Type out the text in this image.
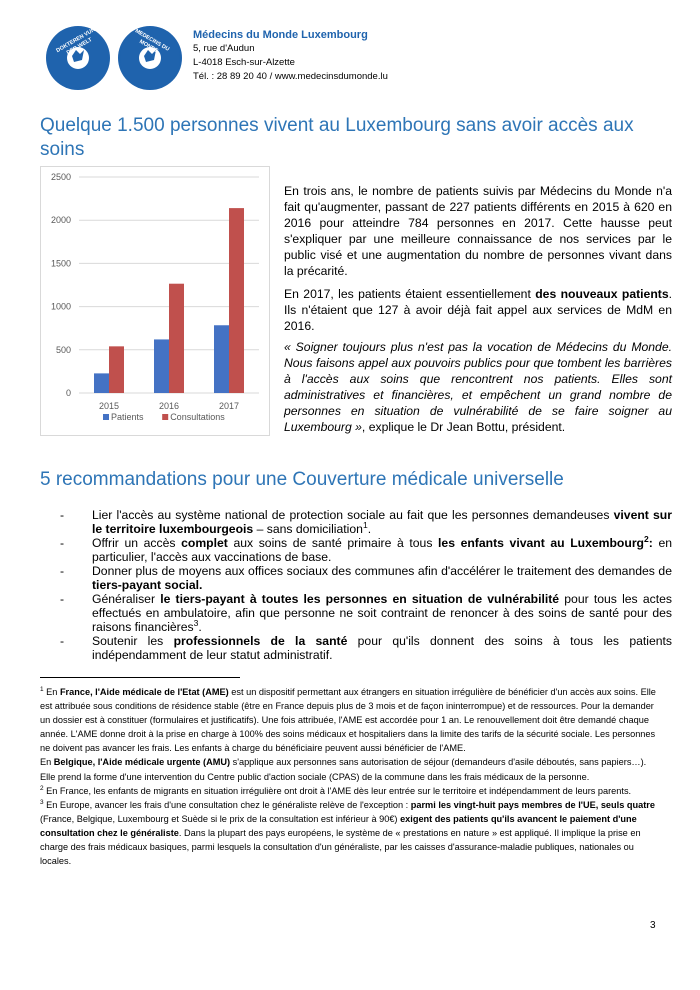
DOKTEREN VUN DER WELT	MEDECINS DU MONDE
Médecins du Monde Luxembourg
5, rue d'Audun
L-4018 Esch-sur-Alzette
Tél. : 28 89 20 40 / www.medecinsdumonde.lu
Quelque 1.500 personnes vivent au Luxembourg sans avoir accès aux soins
0
500
1000
1500
2000
2500
2015	2016	2017
Patients	Consultations

En trois ans, le nombre de patients suivis par Médecins du Monde n'a fait qu'augmenter, passant de 227 patients différents en 2015 à 620 en 2016 pour atteindre 784 personnes en 2017. Cette hausse peut s'expliquer par une meilleure connaissance de nos services par le public visé et une augmentation du nombre de personnes vivant dans la précarité.

En 2017, les patients étaient essentiellement des nouveaux patients. Ils n'étaient que 127 à avoir déjà fait appel aux services de MdM en 2016.

« Soigner toujours plus n'est pas la vocation de Médecins du Monde. Nous faisons appel aux pouvoirs publics pour que tombent les barrières à l'accès aux soins que rencontrent nos patients. Elles sont administratives et financières, et empêchent un grand nombre de personnes en situation de vulnérabilité de se faire soigner au Luxembourg », explique le Dr Jean Bottu, président.

5 recommandations pour une Couverture médicale universelle
- Lier l'accès au système national de protection sociale au fait que les personnes demandeuses vivent sur le territoire luxembourgeois – sans domiciliation$^1$.
- Offrir un accès complet aux soins de santé primaire à tous les enfants vivant au Luxembourg$^2$: en particulier, l'accès aux vaccinations de base.
- Donner plus de moyens aux offices sociaux des communes afin d'accélérer le traitement des demandes de tiers-payant social.
- Généraliser le tiers-payant à toutes les personnes en situation de vulnérabilité pour tous les actes effectués en ambulatoire, afin que personne ne soit contraint de renoncer à des soins de santé pour des raisons financières$^3$.
- Soutenir les professionnels de la santé pour qu'ils donnent des soins à tous les patients indépendamment de leur statut administratif.

$^1$ En France, l'Aide médicale de l'Etat (AME) est un dispositif permettant aux étrangers en situation irrégulière de bénéficier d'un accès aux soins. Elle est attribuée sous conditions de résidence stable (être en France depuis plus de 3 mois et de façon ininterrompue) et de ressources. Pour la demander un dossier est à constituer (formulaires et justificatifs). Une fois attribuée, l'AME est accordée pour 1 an. Le renouvellement doit être demandé chaque année. L'AME donne droit à la prise en charge à 100% des soins médicaux et hospitaliers dans la limite des tarifs de la sécurité sociale. Les personnes ne doivent pas avancer les frais. Les enfants à charge du bénéficiaire peuvent aussi bénéficier de l'AME.

En Belgique, l'Aide médicale urgente (AMU) s'applique aux personnes sans autorisation de séjour (demandeurs d'asile déboutés, sans papiers…). Elle prend la forme d'une intervention du Centre public d'action sociale (CPAS) de la commune dans les frais médicaux de la personne.

$^2$ En France, les enfants de migrants en situation irrégulière ont droit à l'AME dès leur entrée sur le territoire et indépendamment de leurs parents.

$^3$ En Europe, avancer les frais d'une consultation chez le généraliste relève de l'exception : parmi les vingt-huit pays membres de l'UE, seuls quatre (France, Belgique, Luxembourg et Suède si le prix de la consultation est inférieur à 90€) exigent des patients qu'ils avancent le paiement d'une consultation chez le généraliste. Dans la plupart des pays européens, le système de « prestations en nature » est appliqué. Il implique la prise en charge des frais médicaux basiques, parmi lesquels la consultation d'un généraliste, par les caisses d'assurance-maladie publiques, nationales ou locales.

3
